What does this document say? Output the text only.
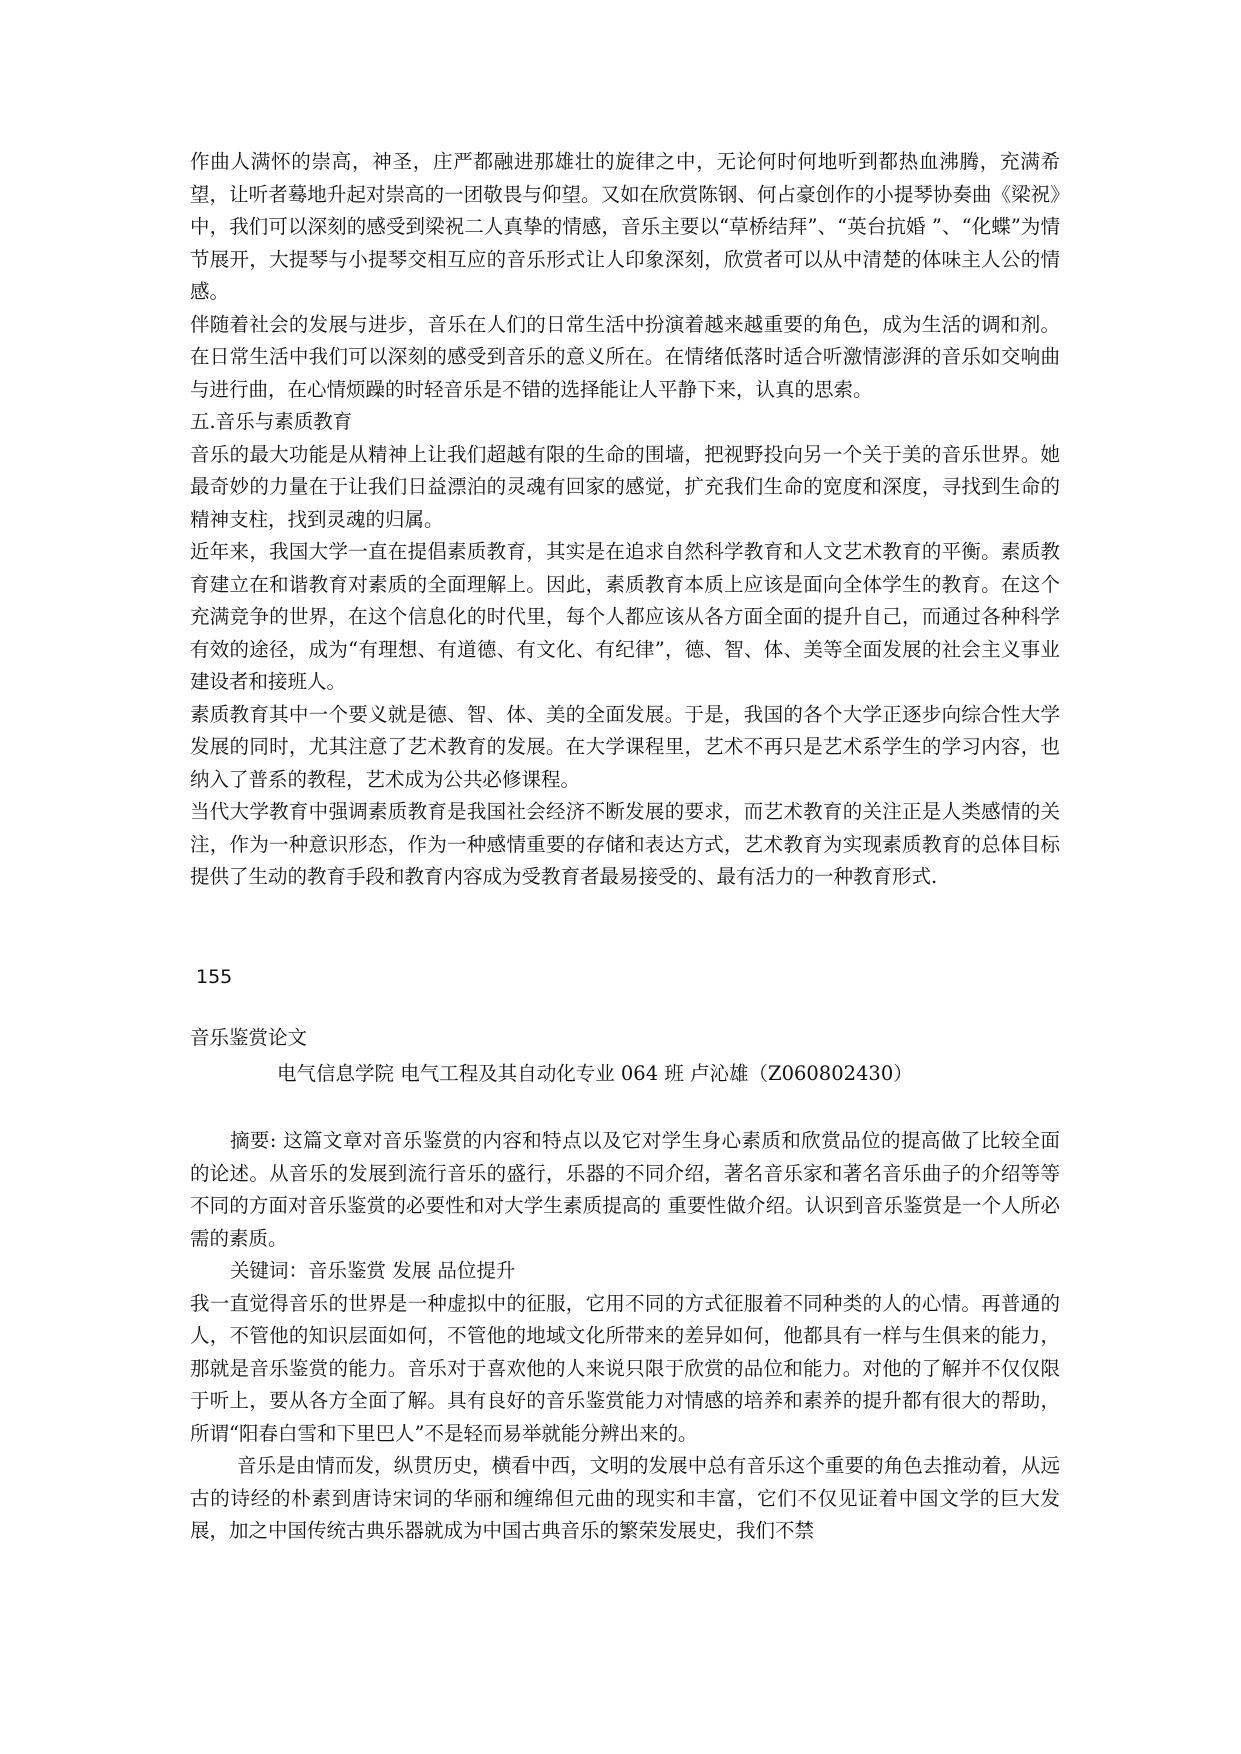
作曲人满怀的崇高，神圣，庄严都融进那雄壮的旋律之中，无论何时何地听到都热血沸腾，充满希望，让听者蓦地升起对崇高的一团敬畏与仰望。又如在欣赏陈钢、何占豪创作的小提琴协奏曲《梁祝》中，我们可以深刻的感受到梁祝二人真挚的情感，音乐主要以“草桥结拜”、“英台抗婚 ”、“化蝶”为情节展开，大提琴与小提琴交相互应的音乐形式让人印象深刻，欣赏者可以从中清楚的体味主人公的情感。

伴随着社会的发展与进步，音乐在人们的日常生活中扮演着越来越重要的角色，成为生活的调和剂。在日常生活中我们可以深刻的感受到音乐的意义所在。在情绪低落时适合听激情澎湃的音乐如交响曲与进行曲，在心情烦躁的时轻音乐是不错的选择能让人平静下来，认真的思索。

五.音乐与素质教育

音乐的最大功能是从精神上让我们超越有限的生命的围墙，把视野投向另一个关于美的音乐世界。她最奇妙的力量在于让我们日益漂泊的灵魂有回家的感觉，扩充我们生命的宽度和深度，寻找到生命的精神支柱，找到灵魂的归属。

近年来，我国大学一直在提倡素质教育，其实是在追求自然科学教育和人文艺术教育的平衡。素质教育建立在和谐教育对素质的全面理解上。因此，素质教育本质上应该是面向全体学生的教育。在这个充满竞争的世界，在这个信息化的时代里，每个人都应该从各方面全面的提升自己，而通过各种科学有效的途径，成为“有理想、有道德、有文化、有纪律”，德、智、体、美等全面发展的社会主义事业建设者和接班人。

素质教育其中一个要义就是德、智、体、美的全面发展。于是，我国的各个大学正逐步向综合性大学发展的同时，尤其注意了艺术教育的发展。在大学课程里，艺术不再只是艺术系学生的学习内容，也纳入了普系的教程，艺术成为公共必修课程。

当代大学教育中强调素质教育是我国社会经济不断发展的要求，而艺术教育的关注正是人类感情的关注，作为一种意识形态，作为一种感情重要的存储和表达方式，艺术教育为实现素质教育的总体目标提供了生动的教育手段和教育内容成为受教育者最易接受的、最有活力的一种教育形式.

155
音乐鉴赏论文
电气信息学院 电气工程及其自动化专业 064 班 卢沁雄（Z060802430）

摘要: 这篇文章对音乐鉴赏的内容和特点以及它对学生身心素质和欣赏品位的提高做了比较全面的论述。从音乐的发展到流行音乐的盛行，乐器的不同介绍，著名音乐家和著名音乐曲子的介绍等等不同的方面对音乐鉴赏的必要性和对大学生素质提高的 重要性做介绍。认识到音乐鉴赏是一个人所必需的素质。

关键词：音乐鉴赏 发展 品位提升

我一直觉得音乐的世界是一种虚拟中的征服，它用不同的方式征服着不同种类的人的心情。再普通的人，不管他的知识层面如何，不管他的地域文化所带来的差异如何，他都具有一样与生俱来的能力，那就是音乐鉴赏的能力。音乐对于喜欢他的人来说只限于欣赏的品位和能力。对他的了解并不仅仅限于听上，要从各方全面了解。具有良好的音乐鉴赏能力对情感的培养和素养的提升都有很大的帮助，所谓“阳春白雪和下里巴人”不是轻而易举就能分辨出来的。

音乐是由情而发，纵贯历史，横看中西，文明的发展中总有音乐这个重要的角色去推动着，从远古的诗经的朴素到唐诗宋词的华丽和缠绵但元曲的现实和丰富，它们不仅见证着中国文学的巨大发展，加之中国传统古典乐器就成为中国古典音乐的繁荣发展史，我们不禁
